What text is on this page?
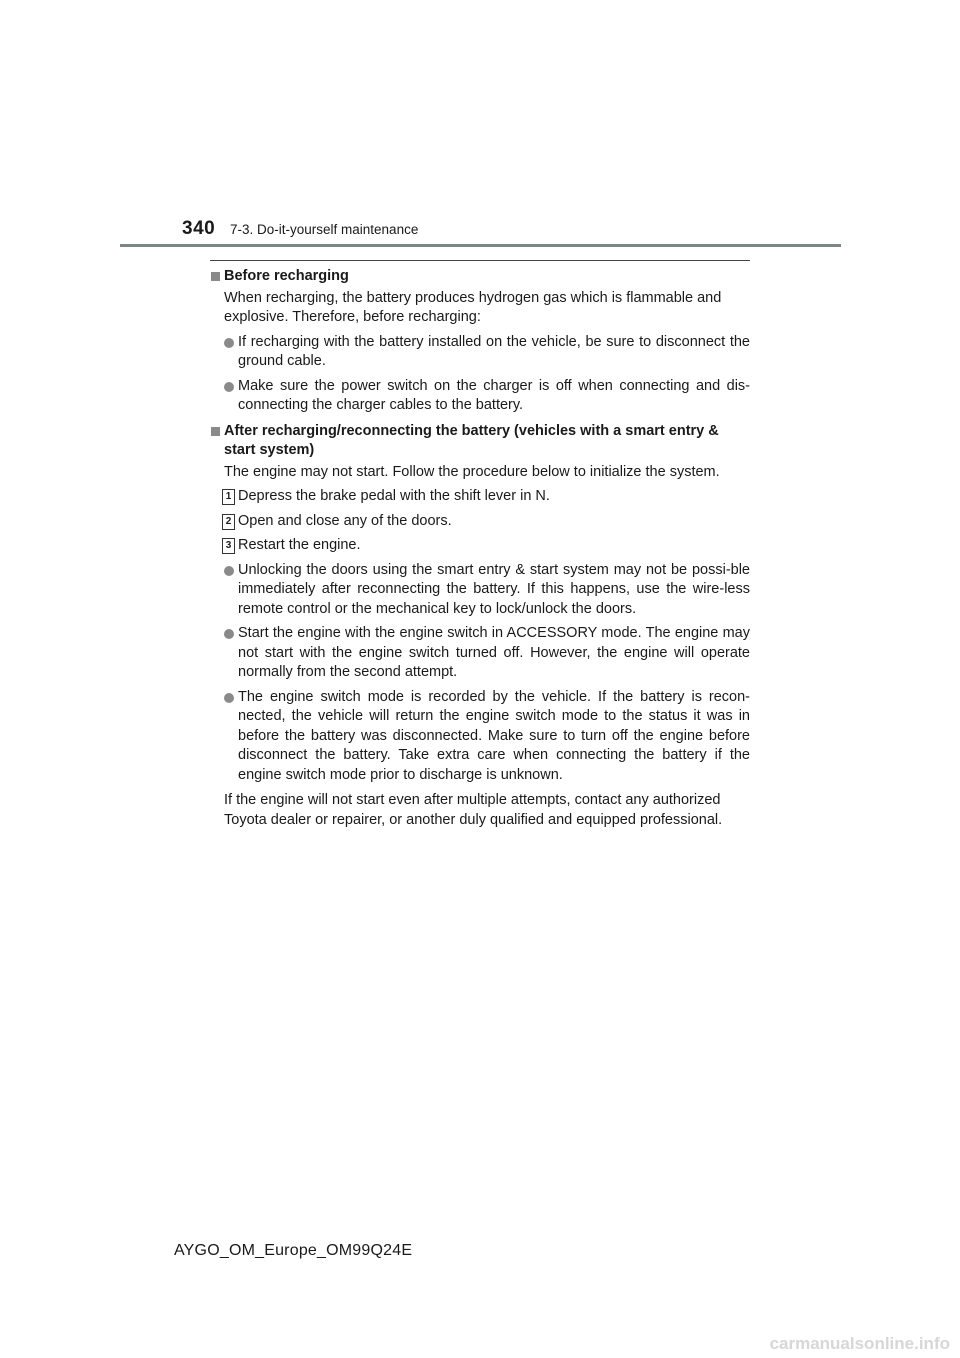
340 7-3. Do-it-yourself maintenance
Before recharging
When recharging, the battery produces hydrogen gas which is flammable and explosive. Therefore, before recharging:
If recharging with the battery installed on the vehicle, be sure to disconnect the ground cable.
Make sure the power switch on the charger is off when connecting and dis-connecting the charger cables to the battery.
After recharging/reconnecting the battery (vehicles with a smart entry & start system)
The engine may not start. Follow the procedure below to initialize the system.
1 Depress the brake pedal with the shift lever in N.
2 Open and close any of the doors.
3 Restart the engine.
Unlocking the doors using the smart entry & start system may not be possi-ble immediately after reconnecting the battery. If this happens, use the wire-less remote control or the mechanical key to lock/unlock the doors.
Start the engine with the engine switch in ACCESSORY mode. The engine may not start with the engine switch turned off. However, the engine will operate normally from the second attempt.
The engine switch mode is recorded by the vehicle. If the battery is recon-nected, the vehicle will return the engine switch mode to the status it was in before the battery was disconnected. Make sure to turn off the engine before disconnect the battery. Take extra care when connecting the battery if the engine switch mode prior to discharge is unknown.
If the engine will not start even after multiple attempts, contact any authorized Toyota dealer or repairer, or another duly qualified and equipped professional.
AYGO_OM_Europe_OM99Q24E
carmanualsonline.info
